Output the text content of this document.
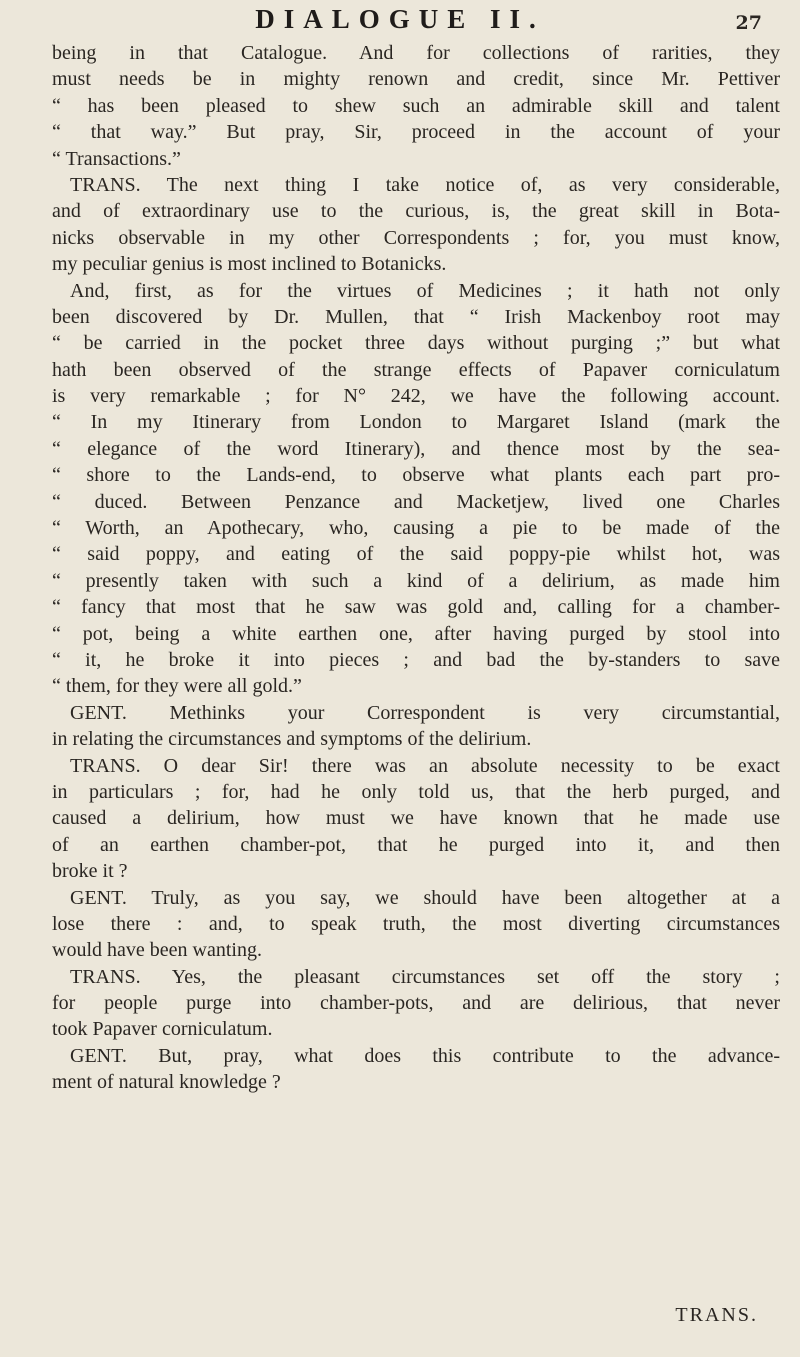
DIALOGUE II.	27
being in that Catalogue. And for collections of rarities, they
must needs be in mighty renown and credit, since Mr. Pettiver
“ has been pleased to shew such an admirable skill and talent
“ that way.” But pray, Sir, proceed in the account of your
“ Transactions.”
TRANS. The next thing I take notice of, as very considerable,
and of extraordinary use to the curious, is, the great skill in Bota-
nicks observable in my other Correspondents ; for, you must know,
my peculiar genius is most inclined to Botanicks.
And, first, as for the virtues of Medicines ; it hath not only
been discovered by Dr. Mullen, that “ Irish Mackenboy root may
“ be carried in the pocket three days without purging ;” but what
hath been observed of the strange effects of Papaver corniculatum
is very remarkable ; for N° 242, we have the following account.
“ In my Itinerary from London to Margaret Island (mark the
“ elegance of the word Itinerary), and thence most by the sea-
“ shore to the Lands-end, to observe what plants each part pro-
“ duced. Between Penzance and Macketjew, lived one Charles
“ Worth, an Apothecary, who, causing a pie to be made of the
“ said poppy, and eating of the said poppy-pie whilst hot, was
“ presently taken with such a kind of a delirium, as made him
“ fancy that most that he saw was gold and, calling for a chamber-
“ pot, being a white earthen one, after having purged by stool into
“ it, he broke it into pieces ; and bad the by-standers to save
“ them, for they were all gold.”
GENT. Methinks your Correspondent is very circumstantial,
in relating the circumstances and symptoms of the delirium.
TRANS. O dear Sir! there was an absolute necessity to be exact
in particulars ; for, had he only told us, that the herb purged, and
caused a delirium, how must we have known that he made use
of an earthen chamber-pot, that he purged into it, and then
broke it ?
GENT. Truly, as you say, we should have been altogether at a
lose there : and, to speak truth, the most diverting circumstances
would have been wanting.
TRANS. Yes, the pleasant circumstances set off the story ;
for people purge into chamber-pots, and are delirious, that never
took Papaver corniculatum.
GENT. But, pray, what does this contribute to the advance-
ment of natural knowledge ?
TRANS.
